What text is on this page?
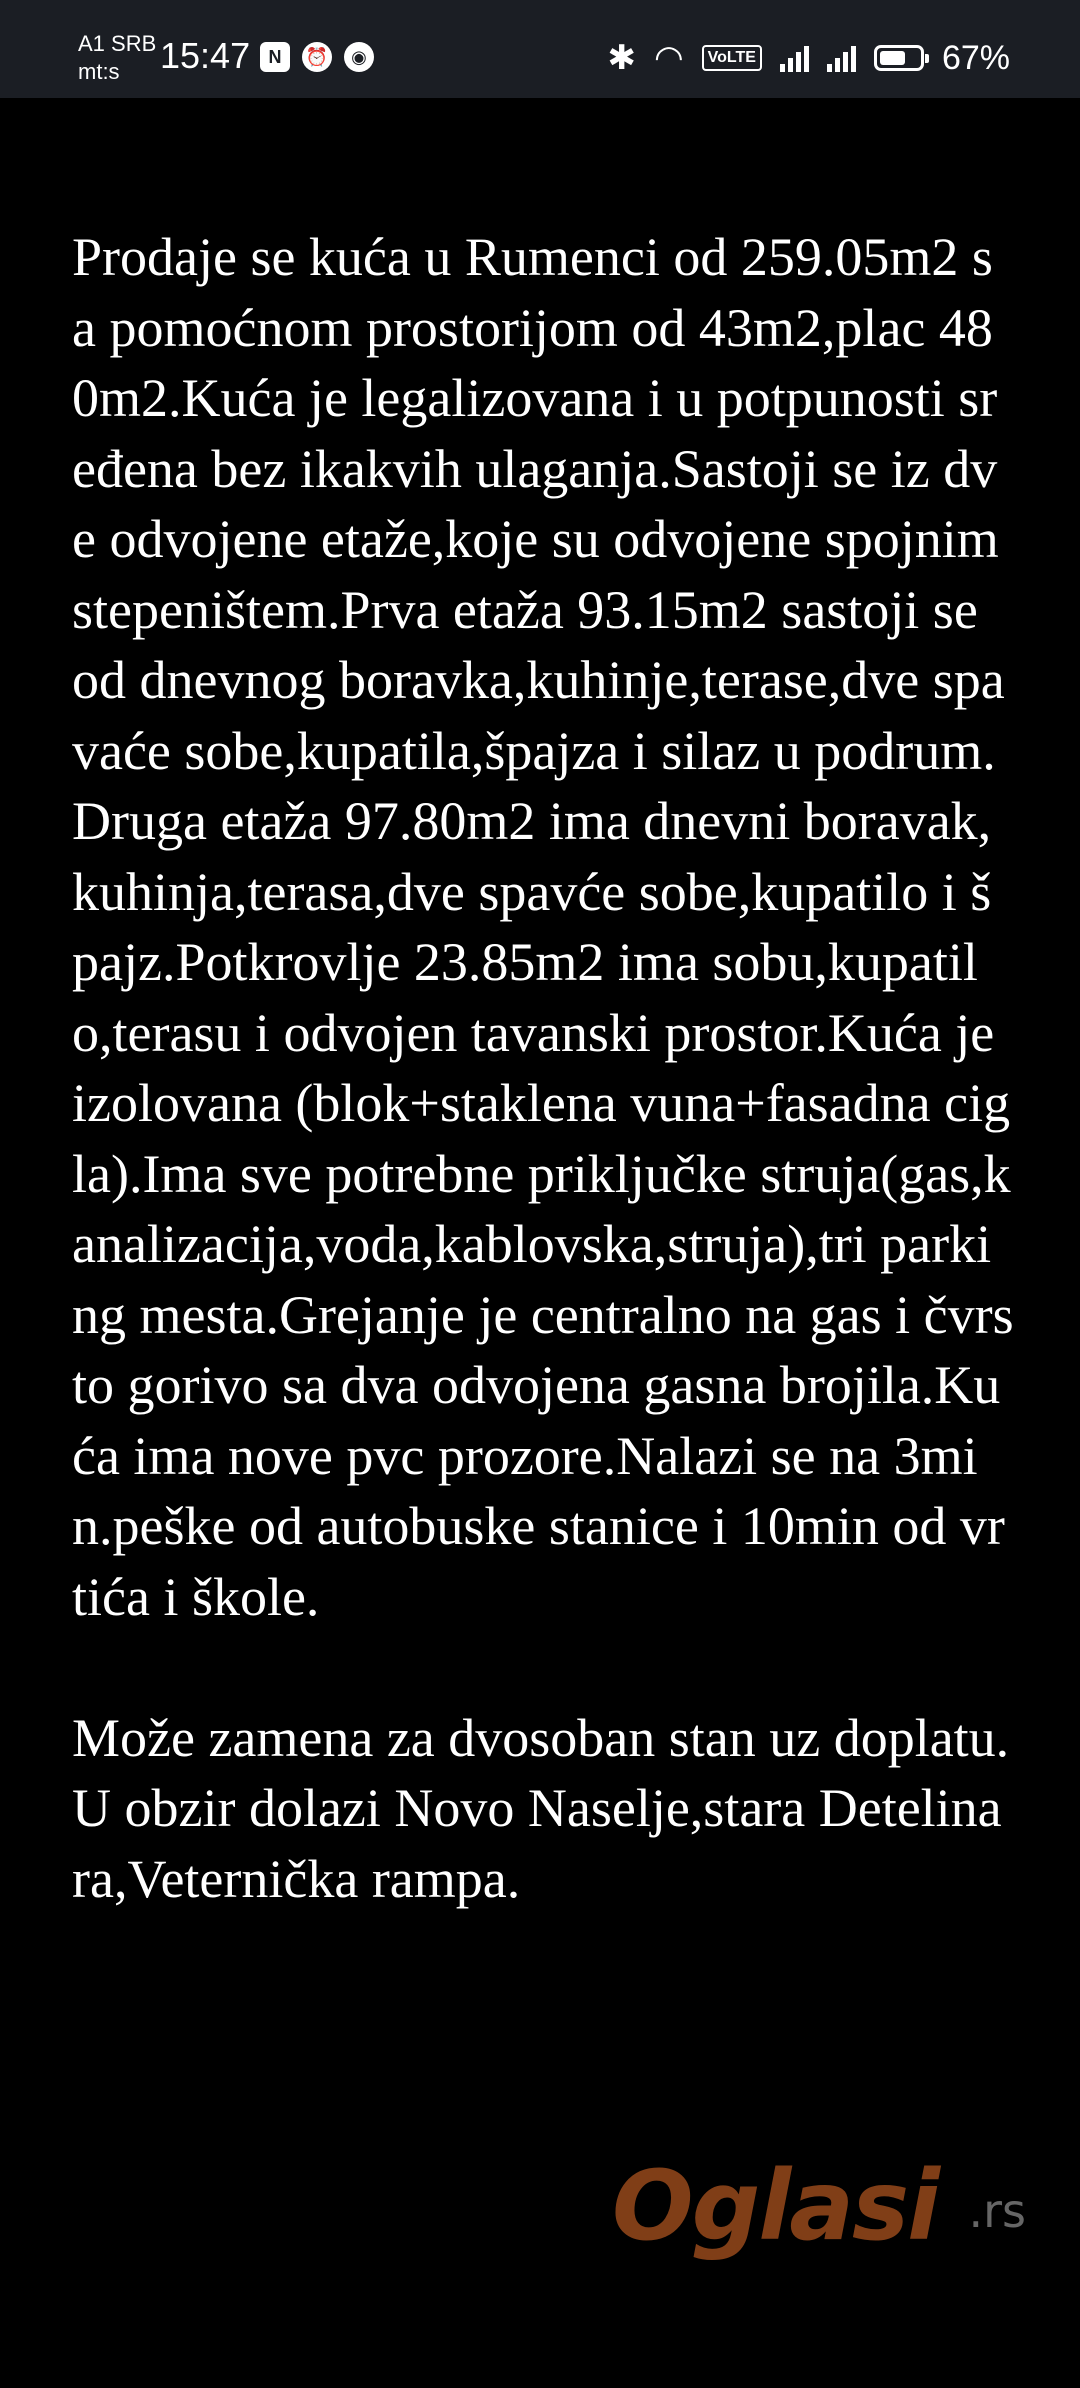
A1 SRB
mt:s	15:47	N	⏰	◉	✱ ◠	VoLTE	67%

Prodaje se kuća u Rumenci od 259.05m2 sa pomoćnom prostorijom od 43m2,plac 480m2.Kuća je legalizovana i u potpunosti sređena bez ikakvih ulaganja.Sastoji se iz dve odvojene etaže,koje su odvojene spojnim stepeništem.Prva etaža 93.15m2 sastoji se od dnevnog boravka,kuhinje,terase,dve spavaće sobe,kupatila,špajza i silaz u podrum.Druga etaža 97.80m2 ima dnevni boravak,kuhinja,terasa,dve spavće sobe,kupatilo i špajz.Potkrovlje 23.85m2 ima sobu,kupatilo,terasu i odvojen tavanski prostor.Kuća je izolovana (blok+staklena vuna+fasadna cigla).Ima sve potrebne priključke struja(gas,kanalizacija,voda,kablovska,struja),tri parking mesta.Grejanje je centralno na gas i čvrsto gorivo sa dva odvojena gasna brojila.Kuća ima nove pvc prozore.Nalazi se na 3min.peške od autobuske stanice i 10min od vrtića i škole.

Može zamena za dvosoban stan uz doplatu.U obzir dolazi Novo Naselje,stara Detelinara,Veternička rampa.

Oglasi .rs
